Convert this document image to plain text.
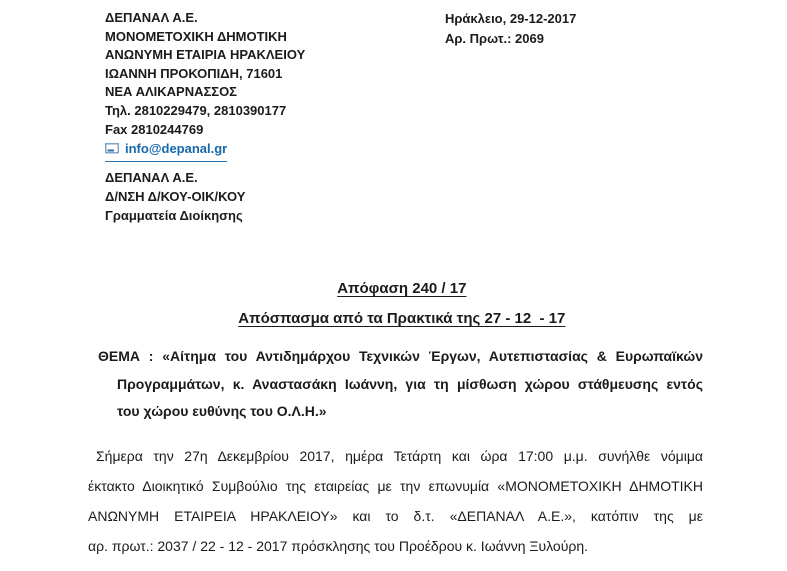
ΔΕΠΑΝΑΛ Α.Ε.
ΜΟΝΟΜΕΤΟΧΙΚΗ ΔΗΜΟΤΙΚΗ
ΑΝΩΝΥΜΗ ΕΤΑΙΡΙΑ ΗΡΑΚΛΕΙΟΥ
ΙΩΑΝΝΗ ΠΡΟΚΟΠΙΔΗ, 71601
ΝΕΑ ΑΛΙΚΑΡΝΑΣΣΟΣ
Τηλ. 2810229479, 2810390177
Fax 2810244769
info@depanal.gr
Ηράκλειο, 29-12-2017
Αρ. Πρωτ.: 2069
ΔΕΠΑΝΑΛ Α.Ε.
Δ/ΝΣΗ Δ/ΚΟΥ-ΟΙΚ/ΚΟΥ
Γραμματεία Διοίκησης

Απόφαση 240 / 17

Απόσπασμα από τα Πρακτικά της 27 - 12  - 17

ΘΕΜΑ : «Αίτημα του Αντιδημάρχου Τεχνικών Έργων, Αυτεπιστασίας & Ευρωπαϊκών
Προγραμμάτων, κ. Αναστασάκη Ιωάννη, για τη μίσθωση χώρου στάθμευσης εντός
του χώρου ευθύνης του Ο.Λ.Η.»
Σήμερα την 27η Δεκεμβρίου 2017, ημέρα Τετάρτη και ώρα 17:00 μ.μ. συνήλθε νόμιμα
έκτακτο Διοικητικό Συμβούλιο της εταιρείας με την επωνυμία «ΜΟΝΟΜΕΤΟΧΙΚΗ ΔΗΜΟΤΙΚΗ
ΑΝΩΝΥΜΗ ΕΤΑΙΡΕΙΑ ΗΡΑΚΛΕΙΟΥ» και το δ.τ. «ΔΕΠΑΝΑΛ Α.Ε.», κατόπιν της με
αρ. πρωτ.: 2037 / 22 - 12 - 2017 πρόσκλησης του Προέδρου κ. Ιωάννη Ξυλούρη.
